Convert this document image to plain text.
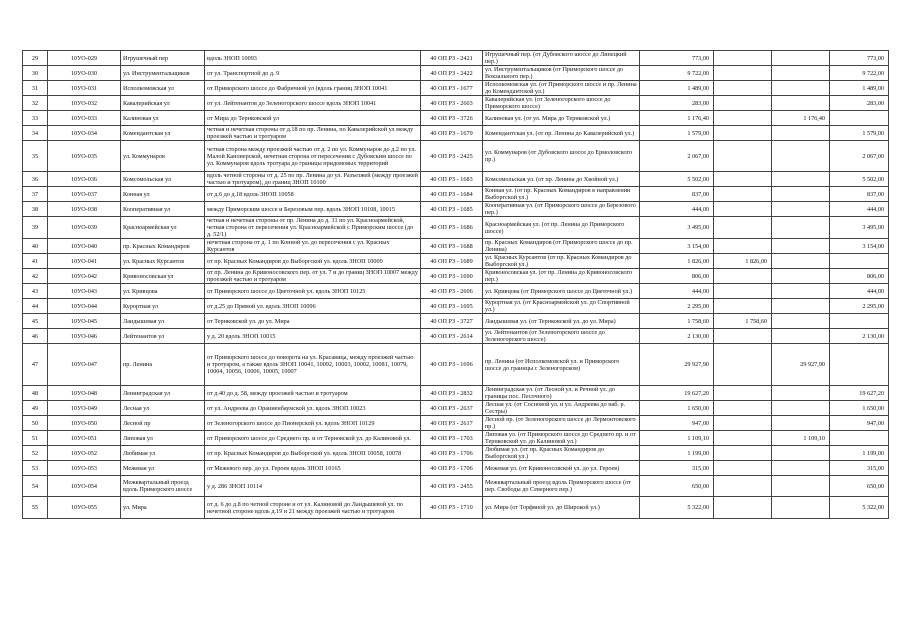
29	10УО-029	Игрушечный пер	вдоль ЗНОП 10093	40 ОП РЗ - 2421	Игрушечный пер. (от Дубовского шоссе до Липецкий пер.)	773,00			773,00
30	10УО-030	ул. Инструментальщиков	от ул. Транспортной до д. 9	40 ОП РЗ - 2422	ул. Инструментальщиков (от Приморского шоссе до Вокзального пер.)	9 722,00			9 722,00
31	10УО-031	Исполкомовская ул	от Приморского шоссе до Фабричной ул (вдоль границ ЗНОП 10041	40 ОП РЗ - 1677	Исполкомовская ул. (от Приморского шоссе и пр. Ленина до Комендантской ул.)	1 489,00			1 489,00
32	10УО-032	Кавалерийская ул	от ул. Лейтенантов до Зеленогорского шоссе вдоль ЗНОП 10041	40 ОП РЗ - 2603	Кавалерийская ул. (от Зеленогорского шоссе до Приморского шоссе)	283,00			283,00
33	10УО-033	Калиновая ул	от Мира до Тернковской ул	40 ОП РЗ - 3726	Калиновая ул. (от ул. Мира до Тернковской ул.)	1 176,40		1 176,40	
34	10УО-034	Комендантская ул	четная и нечетная стороны от д.18 по пр. Ленина, по Кавалерийской ул между проезжей частью и тротуаром	40 ОП РЗ - 1679	Комендантская ул. (от пр. Ленина до Кавалерийской ул.)	1 579,00			1 579,00
35	10УО-035	ул. Коммунаров	четная сторона между проезжей частью от д. 2 по ул. Коммунаров до д.2 по ул. Малой Канонерской, нечетная сторона от пересечения с Дубовским шоссе по ул. Коммунаров вдоль тротуара до границы придомовых территорий	40 ОП РЗ - 2425	ул. Коммунаров (от Дубовского шоссе до Ермоловского пр.)	2 067,00			2 067,00
36	10УО-036	Комсомольская ул	вдоль четной стороны от д. 25 по пр. Ленина до ул. Разъезжей (между проезжей частью и тротуаром), до границ ЗНОП 10100	40 ОП РЗ - 1683	Комсомольская ул. (от пр. Ленина до Хвойной ул.)	5 502,00			5 502,00
37	10УО-037	Конная ул	от д.6 до д.18 вдоль ЗНОП 10058	40 ОП РЗ - 1684	Конная ул. (от пр. Красных Командиров в направлении Выборгской ул.)	837,00			837,00
38	10УО-038	Кооперативная ул	между Приморским шоссе и Березовым пер. вдоль ЗНОП 10108, 10015	40 ОП РЗ - 1685	Кооперативная ул. (от Приморского шоссе до Березового пер.)	444,00			444,00
39	10УО-039	Красноармейская ул	четная и нечетная стороны от пр. Ленина до д. 31 по ул. Красноармейской, четная сторона от пересечения ул. Красноармейской с Приморским шоссе (до д. 52/1)	40 ОП РЗ - 1686	Красноармейская ул. (от пр. Ленина до Приморского шоссе)	3 495,00			3 495,00
40	10УО-040	пр. Красных Командиров	нечетная сторона от д. 1 по Конной ул. до пересечения с ул. Красных Курсантов	40 ОП РЗ - 1688	пр. Красных Командиров (от Приморского шоссе до пр. Ленина)	3 154,00			3 154,00
41	10УО-041	ул. Красных Курсантов	от пр. Красных Командиров до Выборгской ул. вдоль ЗНОП 10009	40 ОП РЗ - 1689	ул. Красных Курсантов (от пр. Красных Командиров до Выборгской ул.)	1 826,00	1 826,00		
42	10УО-042	Кривоносовская ул	от пр. Ленина до Кривоносовского пер. от ул. 7 и до границ ЗНОП 10007 между проезжей частью и тротуаром	40 ОП РЗ - 1690	Кривоносовская ул. (от пр. Ленина до Кривоносовского пер.)	806,00			806,00
43	10УО-043	ул. Кривцова	от Приморского шоссе до Цветочной ул. вдоль ЗНОП 10125	40 ОП РЗ - 2606	ул. Кривцова (от Приморского шоссе до Цветочной ул.)	444,00			444,00
44	10УО-044	Курортная ул	от д.25 до Прямой ул. вдоль ЗНОП 10096	40 ОП РЗ - 1695	Курортная ул. (от Красноармейской ул. до Спортивной ул.)	2 295,00			2 295,00
45	10УО-045	Ландышевая ул	от Тернковской ул. до ул. Мира	40 ОП РЗ - 3727	Ландышевая ул. (от Тернковской ул. до ул. Мира)	1 758,60	1 758,60		
46	10УО-046	Лейтенантов ул	у д. 20 вдоль ЗНОП 10015	40 ОП РЗ - 2614	ул. Лейтенантов (от Зеленогорского шоссе до Зеленогорского шоссе)	2 130,00			2 130,00
47	10УО-047	пр. Ленина	от Приморского шоссе до поворота на ул. Красавица, между проезжей частью и тротуаром, а также вдоль ЗНОП 10041, 10092, 10003, 10002, 10081, 10079, 10004, 10056, 10006, 10005, 10007	40 ОП РЗ - 1696	пр. Ленина (от Исполкомовской ул. и Приморского шоссе до границы с Зеленогорском)	29 927,90		29 927,90	
48	10УО-048	Ленинградская ул	от д.40 до д. 58, между проезжей частью и тротуаром	40 ОП РЗ - 2832	Ленинградская ул. (от Лесной ул. и Речной ул. до границы пос. Песочного)	19 627,20			19 627,20
49	10УО-049	Лесная ул	от ул. Андреева до Ораниенбаумской ул. вдоль ЗНОП 10023	40 ОП РЗ - 2637	Лесная ул. (от Сосновой ул. и ул. Андреева до наб. р. Сестры)	1 650,00			1 650,00
50	10УО-050	Лесной пр	от Зеленогорского шоссе до Пионерской ул. вдоль ЗНОП 10129	40 ОП РЗ - 2617	Лесной пр. (от Зеленогорского шоссе до Лермонтовского пр.)	947,00			947,00
51	10УО-051	Липовая ул	от Приморского шоссе до Среднего пр. и от Терновской ул. до Калиновой ул.	40 ОП РЗ - 1703	Липовая ул. (от Приморского шоссе до Среднего пр. и от Тернковской ул. до Калиновой ул.)	1 109,10		1 109,10	
52	10УО-052	Любимая ул	от пр. Красных Командиров до Выборгской ул. вдоль ЗНОП 10058, 10078	40 ОП РЗ - 1706	Любимая ул. (от пр. Красных Командиров до Выборгской ул.)	1 199,00			1 199,00
53	10УО-053	Межевая ул	от Межевого пер. до ул. Героев вдоль ЗНОП 10165	40 ОП РЗ - 1706	Межевая ул. (от Кривоносовской ул. до ул. Героев)	315,00			315,00
54	10УО-054	Межквартальный проезд вдоль Приморского шоссе	у д. 286 ЗНОП 10114	40 ОП РЗ - 2455	Межквартальный проезд вдоль Приморского шоссе (от пер. Свободы до Северного пер.)	650,00			650,00
55	10УО-055	ул. Мира	от д. 6 до д.8 по четной стороне и от ул. Калиновой до Ландышевой ул. по нечетной стороне вдоль д.19 и 21 между проезжей частью и тротуаром	40 ОП РЗ - 1710	ул. Мира (от Торфяной ул. до Широкой ул.)	5 322,00			5 322,00
